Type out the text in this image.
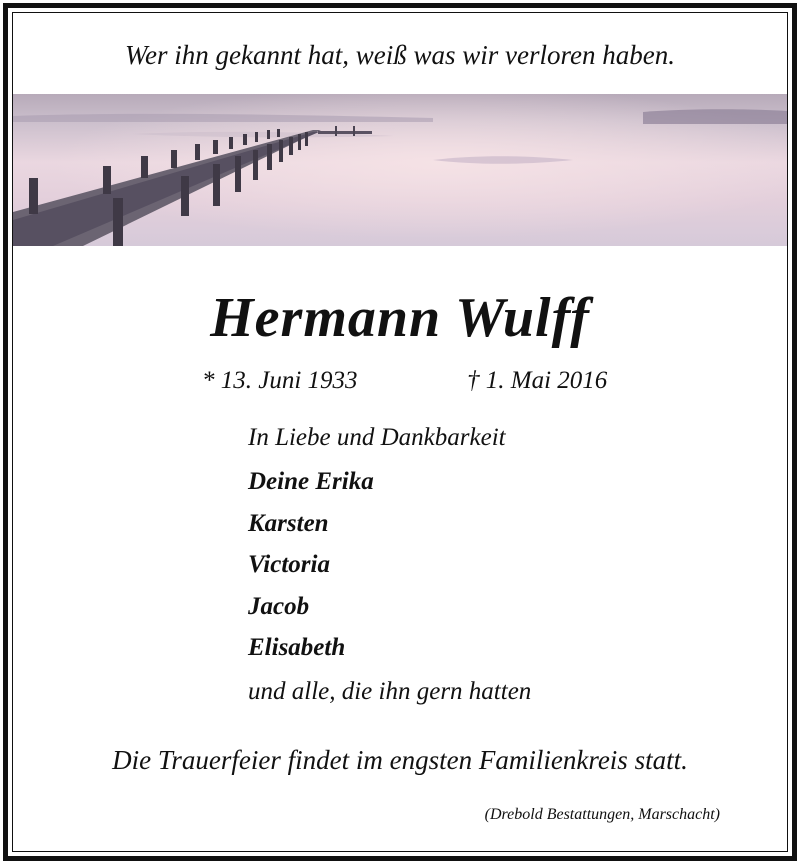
Wer ihn gekannt hat, weiß was wir verloren haben.
Hermann Wulff
* 13. Juni 1933	† 1. Mai 2016
In Liebe und Dankbarkeit
Deine Erika
Karsten
Victoria
Jacob
Elisabeth
und alle, die ihn gern hatten
Die Trauerfeier findet im engsten Familienkreis statt.
(Drebold Bestattungen, Marschacht)
